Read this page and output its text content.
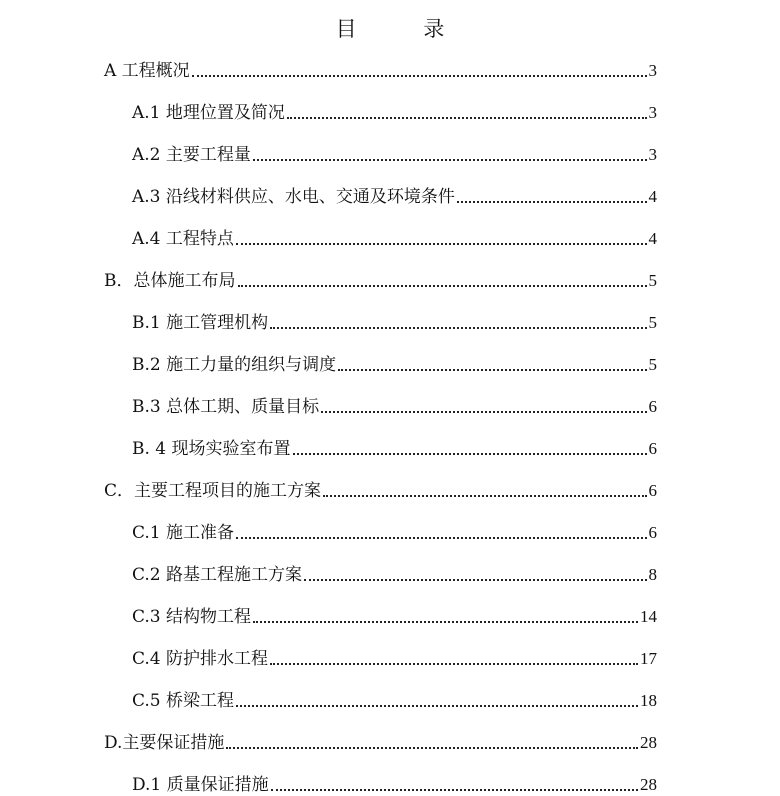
目	录
A 工程概况	3
A.1 地理位置及简况	3
A.2 主要工程量	3
A.3 沿线材料供应、水电、交通及环境条件	4
A.4 工程特点	4
B．总体施工布局	5
B.1 施工管理机构	5
B.2 施工力量的组织与调度	5
B.3 总体工期、质量目标	6
B. 4 现场实验室布置	6
C．主要工程项目的施工方案	6
C.1 施工准备	6
C.2 路基工程施工方案	8
C.3 结构物工程	14
C.4 防护排水工程	17
C.5 桥梁工程	18
D.主要保证措施	28
D.1 质量保证措施	28
